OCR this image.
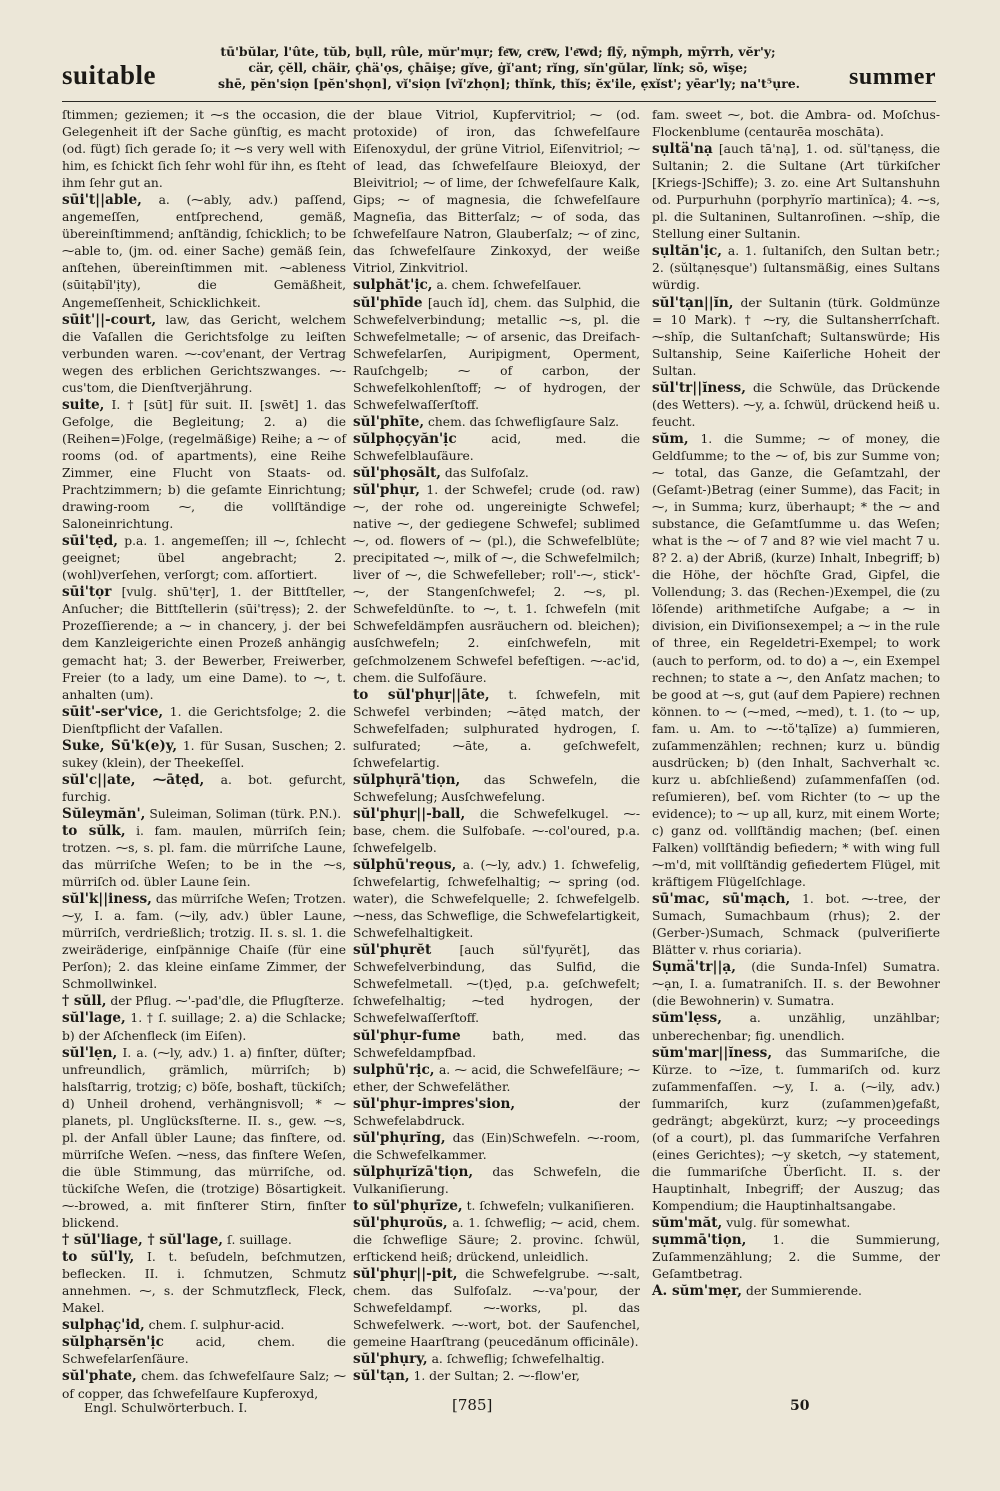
suitable
tū'bŭlar, l'ûte, tŭb, bụll, rûle, mŭr'mụr; fe͞w, cre͞w, l'e͞wd; flȳ, nȳmph, mȳrrh, vĕr'y;
cär, çĕll, chäir, çhä'ọs, çhāişe; gĭve, ġĭ'ant; rĭng, sĭn'gŭlar, lĭnk; sō, wīşe;
shē, pĕn'siọn [pĕn'shọn], vĭ'siọn [vĭ'zhọn]; thĭnk, thĭs; ĕx'ile, ẹxĭst'; yēar'ly; na't⁵ụre. summer

ſtimmen; geziemen; it ⁓s the occasion, die Gelegenheit iſt der Sache günſtig, es macht (od. fügt) ſich gerade ſo; it ⁓s very well with him, es ſchickt ſich ſehr wohl für ihn, es ſteht ihm ſehr gut an.

sūi't||able, a. (⁓ably, adv.) paſſend, angemeſſen, entſprechend, gemäß, übereinſtimmend; anſtändig, ſchicklich; to be ⁓able to, (jm. od. einer Sache) gemäß ſein, anſtehen, übereinſtimmen mit. ⁓ableness (sūitạbĭl'ịty), die Gemäßheit, Angemeſſenheit, Schicklichkeit.

sūit'||-court, law, das Gericht, welchem die Vaſallen die Gerichtsfolge zu leiſten verbunden waren. ⁓-cov'enant, der Vertrag wegen des erblichen Gerichtszwanges. ⁓-cus'tom, die Dienſtverjährung.

suite, I. † [sūt] für suit. II. [swēt] 1. das Gefolge, die Begleitung; 2. a) die (Reihen=)Folge, (regelmäßige) Reihe; a ⁓ of rooms (od. of apartments), eine Reihe Zimmer, eine Flucht von Staats- od. Prachtzimmern; b) die geſamte Einrichtung; drawing-room ⁓, die vollſtändige Saloneinrichtung.

sūi'tẹd, p.a. 1. angemeſſen; ill ⁓, ſchlecht geeignet; übel angebracht; 2. (wohl)verſehen, verſorgt; com. aſſortiert.

sūi'tọr [vulg. shū'tẹr], 1. der Bittſteller, Anſucher; die Bittſtellerin (sūi'trẹss); 2. der Prozeſſierende; a ⁓ in chancery, j. der bei dem Kanzleigerichte einen Prozeß anhängig gemacht hat; 3. der Bewerber, Freiwerber, Freier (to a lady, um eine Dame). to ⁓, t. anhalten (um).

sūit'-ser'vice, 1. die Gerichtsfolge; 2. die Dienſtpflicht der Vaſallen.

Suke, Sū'k(e)y, 1. für Susan, Suschen; 2. sukey (klein), der Theekeſſel.

sŭl'c||ate, ⁓ātẹd, a. bot. gefurcht, furchig.

Sŭleymăn', Suleiman, Soliman (türk. P.N.).

to sŭlk, i. fam. maulen, mürriſch ſein; trotzen. ⁓s, s. pl. fam. die mürriſche Laune, das mürriſche Weſen; to be in the ⁓s, mürriſch od. übler Laune ſein.

sŭl'k||iness, das mürriſche Weſen; Trotzen. ⁓y, I. a. fam. (⁓ily, adv.) übler Laune, mürriſch, verdrießlich; trotzig. II. s. sl. 1. die zweiräderige, einſpännige Chaiſe (für eine Perſon); 2. das kleine einſame Zimmer, der Schmollwinkel.

† sŭll, der Pflug. ⁓'-pad'dle, die Pflugſterze.

sŭl'lage, 1. † ſ. suillage; 2. a) die Schlacke; b) der Aſchenfleck (im Eiſen).

sŭl'lẹn, I. a. (⁓ly, adv.) 1. a) finſter, düſter; unfreundlich, grämlich, mürriſch; b) halsſtarrig, trotzig; c) böſe, boshaft, tückiſch; d) Unheil drohend, verhängnisvoll; * ⁓ planets, pl. Unglücksſterne. II. s., gew. ⁓s, pl. der Anfall übler Laune; das finſtere, od. mürriſche Weſen. ⁓ness, das finſtere Weſen, die üble Stimmung, das mürriſche, od. tückiſche Weſen, die (trotzige) Bösartigkeit. ⁓-browed, a. mit finſterer Stirn, finſter blickend.

† sŭl'liage, † sŭl'lage, ſ. suillage.

to sŭl'ly, I. t. beſudeln, beſchmutzen, beflecken. II. i. ſchmutzen, Schmutz annehmen. ⁓, s. der Schmutzfleck, Fleck, Makel.

sulphạç'id, chem. ſ. sulphur-acid.

sŭlphạrsĕn'ịc	acid, chem. die Schwefelarſenſäure.

sŭl'phate, chem. das ſchwefelſaure Salz; ⁓ of copper, das ſchwefelſaure Kupferoxyd,

der blaue Vitriol, Kupfervitriol; ⁓ (od. protoxide) of iron, das ſchwefelſaure Eiſenoxydul, der grüne Vitriol, Eiſenvitriol; ⁓ of lead, das ſchwefelſaure Bleioxyd, der Bleivitriol; ⁓ of lime, der ſchwefelſaure Kalk, Gips; ⁓ of magnesia, die ſchwefelſaure Magneſia, das Bitterſalz; ⁓ of soda, das ſchwefelſaure Natron, Glauberſalz; ⁓ of zinc, das ſchwefelſaure Zinkoxyd, der weiße Vitriol, Zinkvitriol.

sulphăt'ịc, a. chem. ſchwefelſauer.

sŭl'phīde [auch ĭd], chem. das Sulphid, die Schwefelverbindung; metallic ⁓s, pl. die Schwefelmetalle; ⁓ of arsenic, das Dreifach-Schwefelarſen, Auripigment, Operment, Rauſchgelb; ⁓ of carbon, der Schwefelkohlenſtoff; ⁓ of hydrogen, der Schwefelwaſſerſtoff.

sŭl'phīte, chem. das ſchwefligſaure Salz.

sŭlphọçyăn'ịc	acid, med. die Schwefelblauſäure.

sŭl'phọsălt, das Sulfoſalz.

sŭl'phụr, 1. der Schwefel; crude (od. raw) ⁓, der rohe od. ungereinigte Schwefel; native ⁓, der gediegene Schwefel; sublimed ⁓, od. flowers of ⁓ (pl.), die Schwefelblüte; precipitated ⁓, milk of ⁓, die Schwefelmilch; liver of ⁓, die Schwefelleber; roll'-⁓, stick'-⁓, der Stangenſchwefel; 2. ⁓s, pl. Schwefeldünſte. to ⁓, t. 1. ſchwefeln (mit Schwefeldämpfen ausräuchern od. bleichen); ausſchwefeln; 2. einſchwefeln, mit geſchmolzenem Schwefel befeſtigen. ⁓-ac'id, chem. die Sulfoſäure.

to sŭl'phụr||āte, t. ſchwefeln, mit Schwefel verbinden; ⁓ātẹd match, der Schwefelfaden; sulphurated hydrogen, ſ. sulfurated; ⁓āte, a. geſchwefelt, ſchwefelartig.

sŭlphụrā'tiọn, das Schwefeln, die Schwefelung; Ausſchwefelung.

sŭl'phụr||-ball, die Schwefelkugel. ⁓-base, chem. die Sulfobaſe. ⁓-col'oured, p.a. ſchwefelgelb.

sŭlphū'reọus, a. (⁓ly, adv.) 1. ſchwefelig, ſchwefelartig, ſchwefelhaltig; ⁓ spring (od. water), die Schwefelquelle; 2. ſchwefelgelb. ⁓ness, das Schweflige, die Schwefelartigkeit, Schwefelhaltigkeit.

sŭl'phụrĕt [auch sŭl'fyụrĕt], das Schwefelverbindung, das Sulfid, die Schwefelmetall. ⁓(t)ẹd, p.a. geſchwefelt; ſchwefelhaltig; ⁓ted hydrogen, der Schwefelwaſſerſtoff.

sŭl'phụr-fume	bath, med. das Schwefeldampfbad.

sulphū'rịc, a. ⁓ acid, die Schwefelſäure; ⁓ ether, der Schwefeläther.

sŭl'phụr-impres'sion,	der Schwefelabdruck.

sŭl'phụrĭng, das (Ein)Schwefeln. ⁓-room, die Schwefelkammer.

sŭlphụrĭzā'tiọn, das Schwefeln, die Vulkaniſierung.

to sŭl'phụrīze, t. ſchwefeln; vulkaniſieren.

sŭl'phụroŭs, a. 1. ſchweflig; ⁓ acid, chem. die ſchweflige Säure; 2. provinc. ſchwül, erſtickend heiß; drückend, unleidlich.

sŭl'phụr||-pit, die Schwefelgrube. ⁓-salt, chem. das Sulfoſalz. ⁓-va'pour, der Schwefeldampf. ⁓-works, pl. das Schwefelwerk. ⁓-wort, bot. der Saufenchel, gemeine Haarſtrang (peucedănum officināle).

sŭl'phụry, a. ſchweflig; ſchwefelhaltig.

sŭl'tạn, 1. der Sultan; 2. ⁓-flow'er,

fam. sweet ⁓, bot. die Ambra- od. Moſchus-Flockenblume (centaurēa moschāta).

sụltä'nạ [auch tā'nạ], 1. od. sŭl'tạnẹss, die Sultanin; 2. die Sultane (Art türkiſcher [Kriegs-]Schiffe); 3. zo. eine Art Sultanshuhn od. Purpurhuhn (porphyrĭo martinĭca); 4. ⁓s, pl. die Sultaninen, Sultanroſinen. ⁓shĭp, die Stellung einer Sultanin.

sụltăn'ịc, a. 1. ſultaniſch, den Sultan betr.; 2. (sŭltạnẹsque') ſultansmäßig, eines Sultans würdig.

sŭl'tạn||ĭn, der Sultanin (türk. Goldmünze = 10 Mark). † ⁓ry, die Sultansherrſchaft. ⁓shĭp, die Sultanſchaft; Sultanswürde; His Sultanship, Seine Kaiſerliche Hoheit der Sultan.

sŭl'tr||ĭness, die Schwüle, das Drückende (des Wetters). ⁓y, a. ſchwül, drückend heiß u. feucht.

sŭm, 1. die Summe; ⁓ of money, die Geldſumme; to the ⁓ of, bis zur Summe von; ⁓ total, das Ganze, die Geſamtzahl, der (Geſamt-)Betrag (einer Summe), das Facit; in ⁓, in Summa; kurz, überhaupt; * the ⁓ and substance, die Geſamtſumme u. das Weſen; what is the ⁓ of 7 and 8? wie viel macht 7 u. 8? 2. a) der Abriß, (kurze) Inhalt, Inbegriff; b) die Höhe, der höchſte Grad, Gipfel, die Vollendung; 3. das (Rechen-)Exempel, die (zu löſende) arithmetiſche Aufgabe; a ⁓ in division, ein Diviſionsexempel; a ⁓ in the rule of three, ein Regeldetri-Exempel; to work (auch to perform, od. to do) a ⁓, ein Exempel rechnen; to state a ⁓, den Anſatz machen; to be good at ⁓s, gut (auf dem Papiere) rechnen können. to ⁓ (⁓med, ⁓med), t. 1. (to ⁓ up, fam. u. Am. to ⁓-tŏ'tạlīze) a) ſummieren, zuſammenzählen; rechnen; kurz u. bündig ausdrücken; b) (den Inhalt, Sachverhalt ꝛc. kurz u. abſchließend) zuſammenfaſſen (od. reſumieren), beſ. vom Richter (to ⁓ up the evidence); to ⁓ up all, kurz, mit einem Worte; c) ganz od. vollſtändig machen; (beſ. einen Falken) vollſtändig befiedern; * with wing full ⁓m'd, mit vollſtändig gefiedertem Flügel, mit kräftigem Flügelſchlage.

sū'mac, sū'mạch, 1. bot. ⁓-tree, der Sumach, Sumachbaum (rhus); 2. der (Gerber-)Sumach, Schmack (pulveriſierte Blätter v. rhus coriaria).

Sụmä'tr||ạ, (die Sunda-Inſel) Sumatra. ⁓ạn, I. a. ſumatraniſch. II. s. der Bewohner (die Bewohnerin) v. Sumatra.

sŭm'lẹss, a. unzählig, unzählbar; unberechenbar; fig. unendlich.

sŭm'mar||ĭness, das Summariſche, die Kürze. to ⁓īze, t. ſummariſch od. kurz zuſammenfaſſen. ⁓y, I. a. (⁓ily, adv.) ſummariſch, kurz (zuſammen)gefaßt, gedrängt; abgekürzt, kurz; ⁓y proceedings (of a court), pl. das ſummariſche Verfahren (eines Gerichtes); ⁓y sketch, ⁓y statement, die ſummariſche Überſicht. II. s. der Hauptinhalt, Inbegriff; der Auszug; das Kompendium; die Hauptinhaltsangabe.

sŭm'măt, vulg. für somewhat.

sụmmā'tiọn, 1. die Summierung, Zuſammenzählung; 2. die Summe, der Geſamtbetrag.

A. sŭm'mẹr, der Summierende.

Engl. Schulwörterbuch. I.	[785]	50
